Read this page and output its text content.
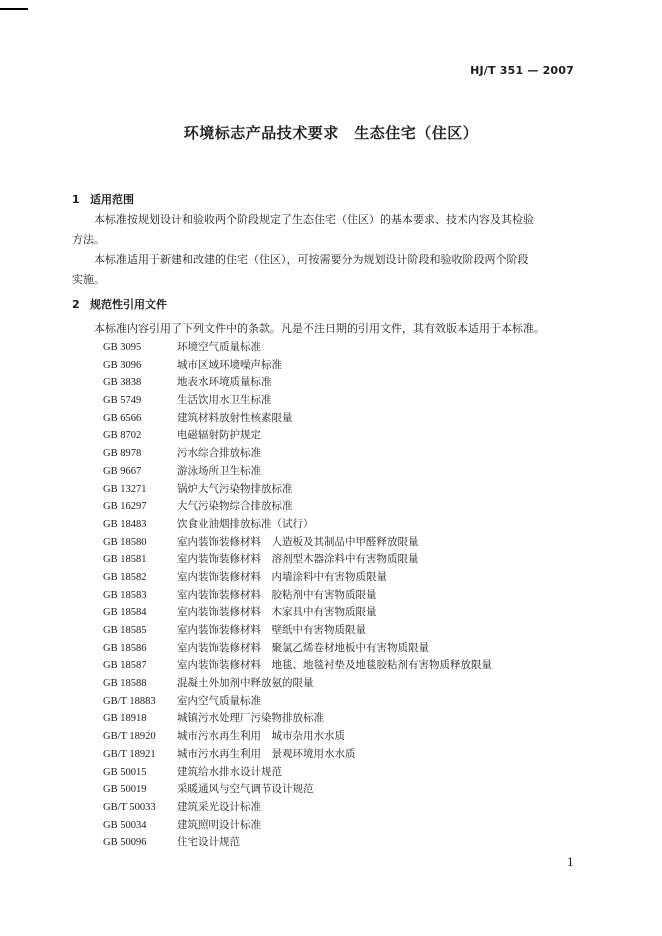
HJ/T 351 — 2007
环境标志产品技术要求　生态住宅（住区）
1 适用范围
本标准按规划设计和验收两个阶段规定了生态住宅（住区）的基本要求、技术内容及其检验
方法。
本标准适用于新建和改建的住宅（住区），可按需要分为规划设计阶段和验收阶段两个阶段
实施。
2 规范性引用文件
本标准内容引用了下列文件中的条款。凡是不注日期的引用文件，其有效版本适用于本标准。
GB 3095	环境空气质量标准
GB 3096	城市区域环境噪声标准
GB 3838	地表水环境质量标准
GB 5749	生活饮用水卫生标准
GB 6566	建筑材料放射性核素限量
GB 8702	电磁辐射防护规定
GB 8978	污水综合排放标准
GB 9667	游泳场所卫生标准
GB 13271	锅炉大气污染物排放标准
GB 16297	大气污染物综合排放标准
GB 18483	饮食业油烟排放标准（试行）
GB 18580	室内装饰装修材料　人造板及其制品中甲醛释放限量
GB 18581	室内装饰装修材料　溶剂型木器涂料中有害物质限量
GB 18582	室内装饰装修材料　内墙涂料中有害物质限量
GB 18583	室内装饰装修材料　胶粘剂中有害物质限量
GB 18584	室内装饰装修材料　木家具中有害物质限量
GB 18585	室内装饰装修材料　壁纸中有害物质限量
GB 18586	室内装饰装修材料　聚氯乙烯卷材地板中有害物质限量
GB 18587	室内装饰装修材料　地毯、地毯衬垫及地毯胶粘剂有害物质释放限量
GB 18588	混凝土外加剂中释放氨的限量
GB/T 18883 室内空气质量标准
GB 18918	城镇污水处理厂污染物排放标准
GB/T 18920 城市污水再生利用　城市杂用水水质
GB/T 18921 城市污水再生利用　景观环境用水水质
GB 50015	建筑给水排水设计规范
GB 50019	采暖通风与空气调节设计规范
GB/T 50033 建筑采光设计标准
GB 50034	建筑照明设计标准
GB 50096	住宅设计规范
1
